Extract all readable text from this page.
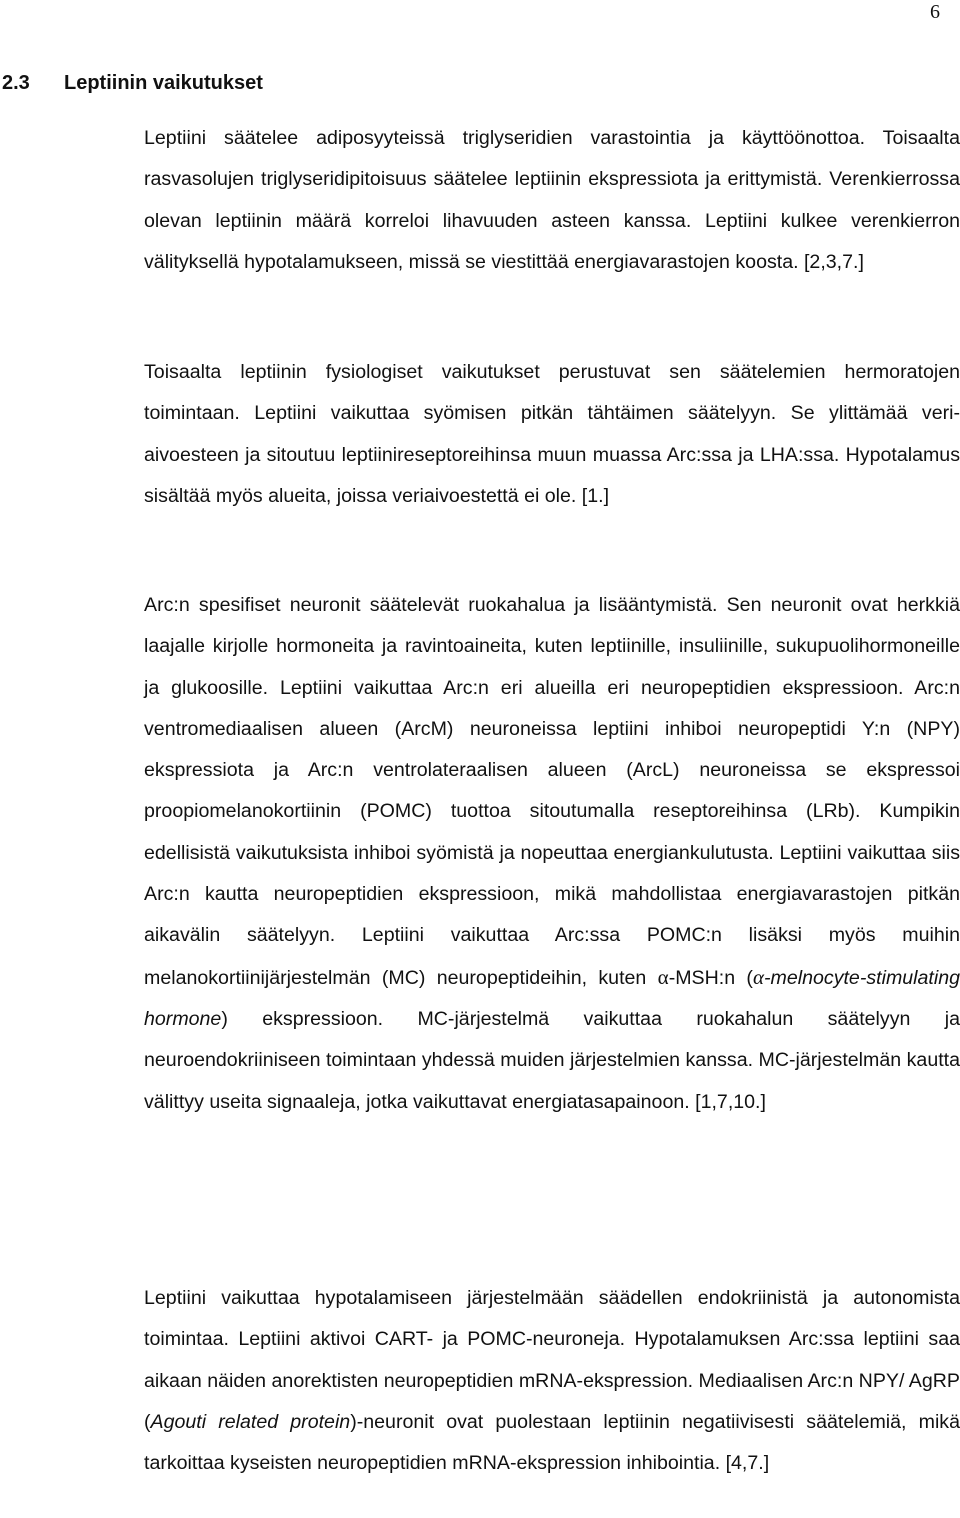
6
2.3	Leptiinin vaikutukset

Leptiini säätelee adiposyyteissä triglyseridien varastointia ja käyttöönottoa. Toisaalta rasvasolujen triglyseridipitoisuus säätelee leptiinin ekspressiota ja erittymistä. Verenkierrossa olevan leptiinin määrä korreloi lihavuuden asteen kanssa. Leptiini kulkee verenkierron välityksellä hypotalamukseen, missä se viestittää energiavarastojen koosta. [2,3,7.]

Toisaalta leptiinin fysiologiset vaikutukset perustuvat sen säätelemien hermoratojen toimintaan. Leptiini vaikuttaa syömisen pitkän tähtäimen säätelyyn. Se ylittämää veri-aivoesteen ja sitoutuu leptiinireseptoreihinsa muun muassa Arc:ssa ja LHA:ssa. Hypotalamus sisältää myös alueita, joissa veriaivoestettä ei ole. [1.]

Arc:n spesifiset neuronit säätelevät ruokahalua ja lisääntymistä. Sen neuronit ovat herkkiä laajalle kirjolle hormoneita ja ravintoaineita, kuten leptiinille, insuliinille, sukupuolihormoneille ja glukoosille. Leptiini vaikuttaa Arc:n eri alueilla eri neuropeptidien ekspressioon. Arc:n ventromediaalisen alueen (ArcM) neuroneissa leptiini inhiboi neuropeptidi Y:n (NPY) ekspressiota ja Arc:n ventrolateraalisen alueen (ArcL) neuroneissa se ekspressoi proopiomelanokortiinin (POMC) tuottoa sitoutumalla reseptoreihinsa (LRb). Kumpikin edellisistä vaikutuksista inhiboi syömistä ja nopeuttaa energiankulutusta. Leptiini vaikuttaa siis Arc:n kautta neuropeptidien ekspressioon, mikä mahdollistaa energiavarastojen pitkän aikavälin säätelyyn. Leptiini vaikuttaa Arc:ssa POMC:n lisäksi myös muihin melanokortiinijärjestelmän (MC) neuropeptideihin, kuten α-MSH:n (α-melnocyte-stimulating hormone) ekspressioon. MC-järjestelmä vaikuttaa ruokahalun säätelyyn ja neuroendokriiniseen toimintaan yhdessä muiden järjestelmien kanssa. MC-järjestelmän kautta välittyy useita signaaleja, jotka vaikuttavat energiatasapainoon. [1,7,10.]

Leptiini vaikuttaa hypotalamiseen järjestelmään säädellen endokriinistä ja autonomista toimintaa. Leptiini aktivoi CART- ja POMC-neuroneja. Hypotalamuksen Arc:ssa leptiini saa aikaan näiden anorektisten neuropeptidien mRNA-ekspression. Mediaalisen Arc:n NPY/ AgRP (Agouti related protein)-neuronit ovat puolestaan leptiinin negatiivisesti säätelemiä, mikä tarkoittaa kyseisten neuropeptidien mRNA-ekspression inhibointia. [4,7.]
